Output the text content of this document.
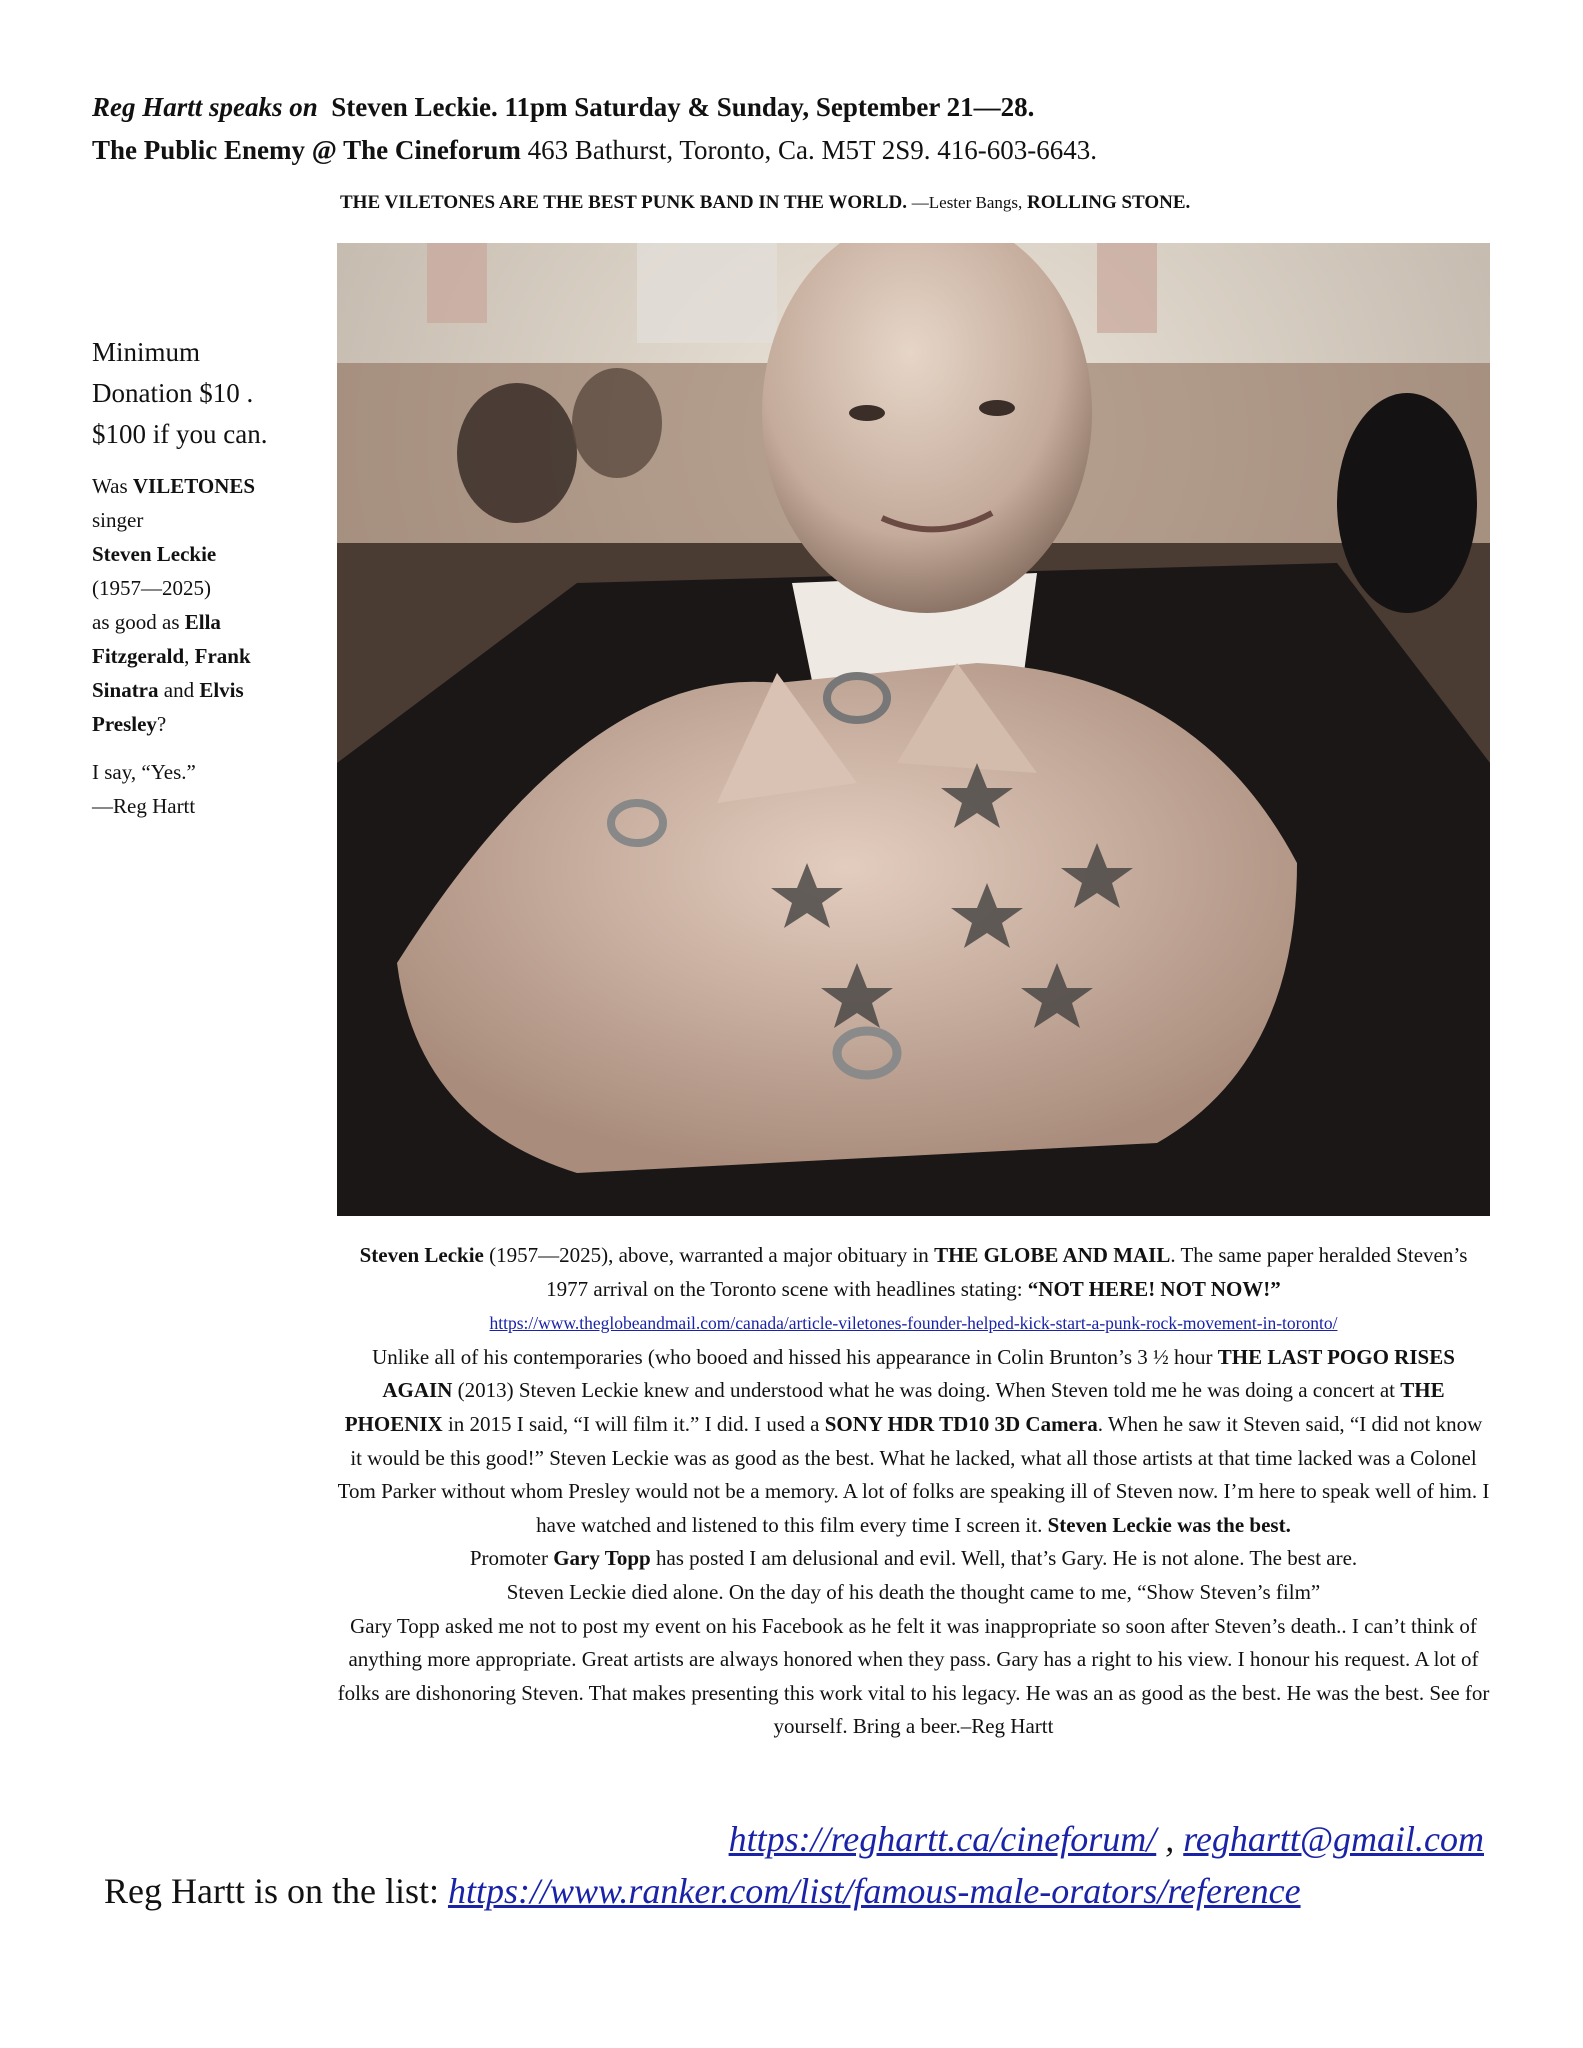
Reg Hartt speaks on Steven Leckie. 11pm Saturday & Sunday, September 21—28.
The Public Enemy @ The Cineforum 463 Bathurst, Toronto, Ca. M5T 2S9. 416-603-6643.
THE VILETONES ARE THE BEST PUNK BAND IN THE WORLD. —Lester Bangs, ROLLING STONE.
Minimum
Donation $10 .
$100 if you can.
Was VILETONES
singer
Steven Leckie
(1957—2025)
as good as Ella Fitzgerald, Frank Sinatra and Elvis Presley?
I say, “Yes.”
—Reg Hartt
Steven Leckie (1957—2025), above, warranted a major obituary in THE GLOBE AND MAIL. The same paper heralded Steven’s 1977 arrival on the Toronto scene with headlines stating: “NOT HERE! NOT NOW!”
https://www.theglobeandmail.com/canada/article-viletones-founder-helped-kick-start-a-punk-rock-movement-in-toronto/
Unlike all of his contemporaries (who booed and hissed his appearance in Colin Brunton’s 3 ½ hour THE LAST POGO RISES AGAIN (2013) Steven Leckie knew and understood what he was doing. When Steven told me he was doing a concert at THE PHOENIX in 2015 I said, “I will film it.” I did. I used a SONY HDR TD10 3D Camera. When he saw it Steven said, “I did not know it would be this good!” Steven Leckie was as good as the best. What he lacked, what all those artists at that time lacked was a Colonel Tom Parker without whom Presley would not be a memory. A lot of folks are speaking ill of Steven now. I’m here to speak well of him. I have watched and listened to this film every time I screen it. Steven Leckie was the best.
Promoter Gary Topp has posted I am delusional and evil. Well, that’s Gary. He is not alone. The best are.
Steven Leckie died alone. On the day of his death the thought came to me, “Show Steven’s film”
Gary Topp asked me not to post my event on his Facebook as he felt it was inappropriate so soon after Steven’s death.. I can’t think of anything more appropriate. Great artists are always honored when they pass. Gary has a right to his view. I honour his request. A lot of folks are dishonoring Steven. That makes presenting this work vital to his legacy. He was an as good as the best. He was the best. See for yourself. Bring a beer.–Reg Hartt
https://reghartt.ca/cineforum/ , reghartt@gmail.com
Reg Hartt is on the list: https://www.ranker.com/list/famous-male-orators/reference
